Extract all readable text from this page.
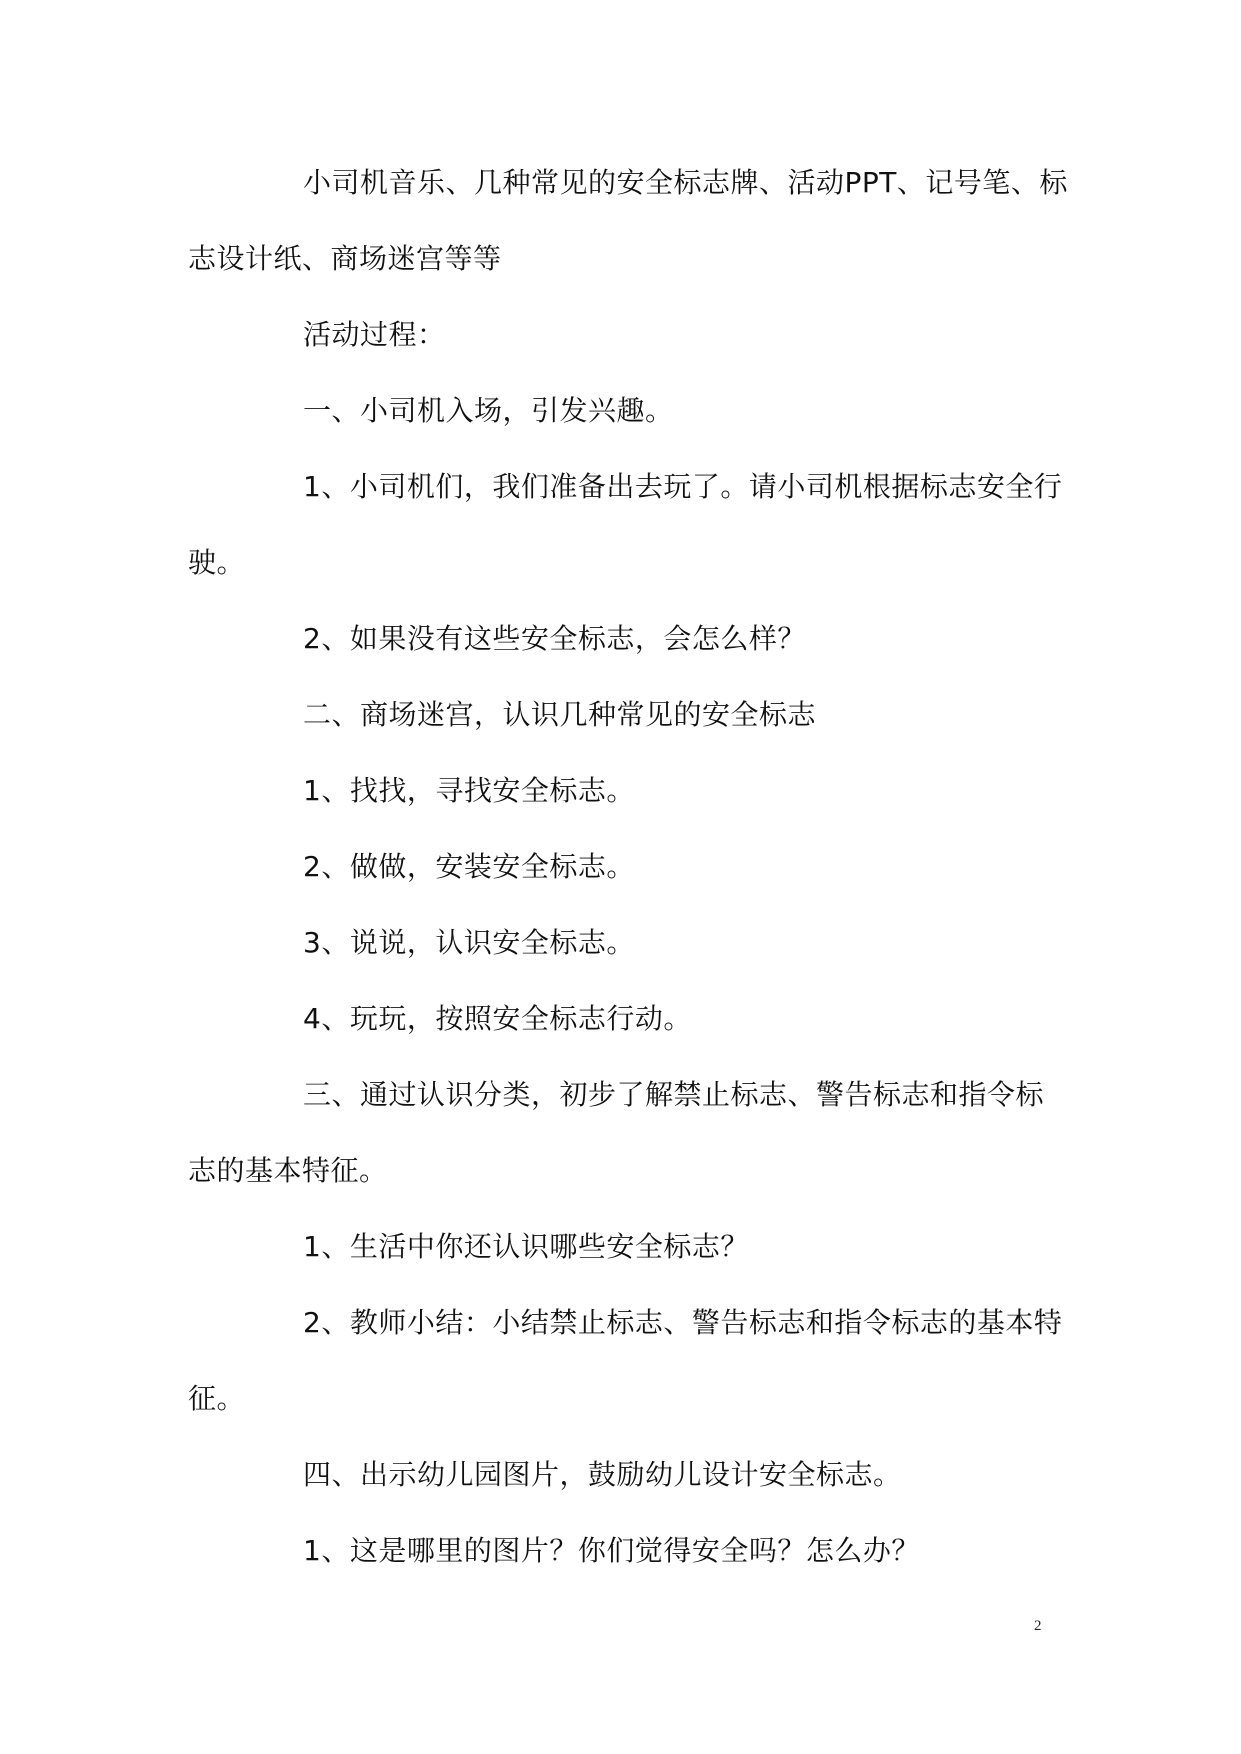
小司机音乐、几种常见的安全标志牌、活动PPT、记号笔、标志设计纸、商场迷宫等等

活动过程：

一、小司机入场，引发兴趣。

1、小司机们，我们准备出去玩了。请小司机根据标志安全行驶。

2、如果没有这些安全标志，会怎么样？

二、商场迷宫，认识几种常见的安全标志

1、找找，寻找安全标志。

2、做做，安装安全标志。

3、说说，认识安全标志。

4、玩玩，按照安全标志行动。

三、通过认识分类，初步了解禁止标志、警告标志和指令标志的基本特征。

1、生活中你还认识哪些安全标志？

2、教师小结：小结禁止标志、警告标志和指令标志的基本特征。

四、出示幼儿园图片，鼓励幼儿设计安全标志。

1、这是哪里的图片？你们觉得安全吗？怎么办？

2
